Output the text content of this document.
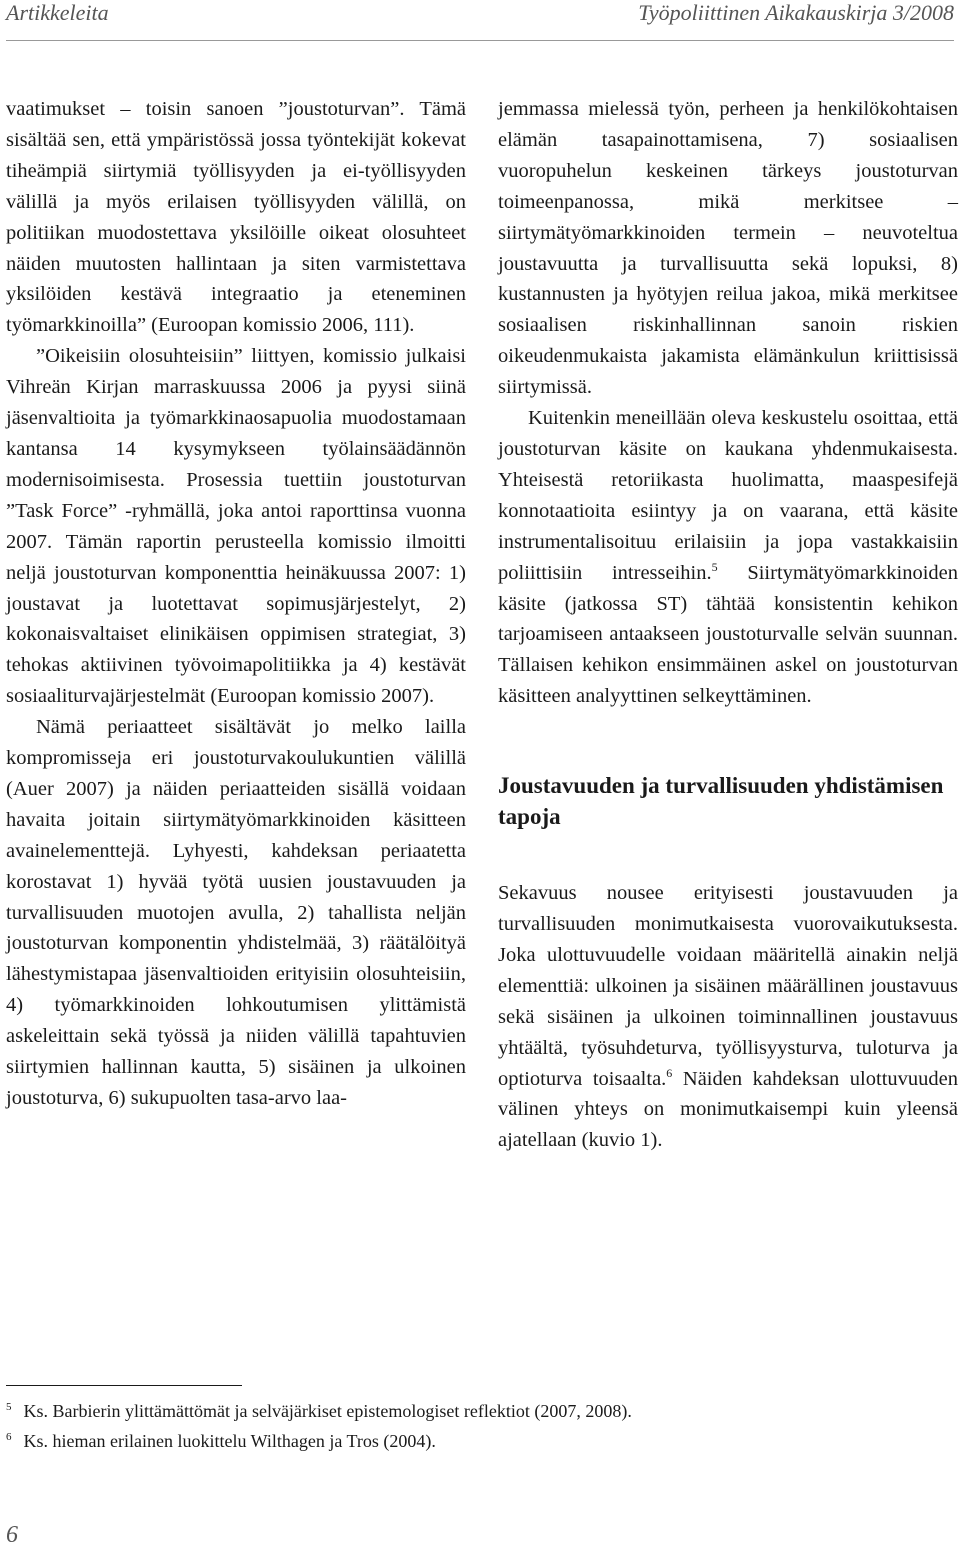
Artikkeleita	Työpoliittinen Aikakauskirja 3/2008

vaatimukset – toisin sanoen ”joustoturvan”. Tämä sisältää sen, että ympäristössä jossa työntekijät kokevat tiheämpiä siirtymiä työllisyyden ja ei-työllisyyden välillä ja myös erilaisen työllisyyden välillä, on politiikan muodostettava yksilöille oikeat olosuhteet näiden muutosten hallintaan ja siten varmistettava yksilöiden kestävä integraatio ja eteneminen työmarkkinoilla” (Euroopan komissio 2006, 111).

”Oikeisiin olosuhteisiin” liittyen, komissio julkaisi Vihreän Kirjan marraskuussa 2006 ja pyysi siinä jäsenvaltioita ja työmarkkinaosapuolia muodostamaan kantansa 14 kysymykseen työlainsäädännön modernisoimisesta. Prosessia tuettiin joustoturvan ”Task Force” -ryhmällä, joka antoi raporttinsa vuonna 2007. Tämän raportin perusteella komissio ilmoitti neljä joustoturvan komponenttia heinäkuussa 2007: 1) joustavat ja luotettavat sopimusjärjestelyt, 2) kokonaisvaltaiset elinikäisen oppimisen strategiat, 3) tehokas aktiivinen työvoimapolitiikka ja 4) kestävät sosiaaliturvajärjestelmät (Euroopan komissio 2007).

Nämä periaatteet sisältävät jo melko lailla kompromisseja eri joustoturvakoulukuntien välillä (Auer 2007) ja näiden periaatteiden sisällä voidaan havaita joitain siirtymätyömarkkinoiden käsitteen avainelementtejä. Lyhyesti, kahdeksan periaatetta korostavat 1) hyvää työtä uusien joustavuuden ja turvallisuuden muotojen avulla, 2) tahallista neljän joustoturvan komponentin yhdistelmää, 3) räätälöityä lähestymistapaa jäsenvaltioiden erityisiin olosuhteisiin, 4) työmarkkinoiden lohkoutumisen ylittämistä askeleittain sekä työssä ja niiden välillä tapahtuvien siirtymien hallinnan kautta, 5) sisäinen ja ulkoinen joustoturva, 6) sukupuolten tasa-arvo laa-

jemmassa mielessä työn, perheen ja henkilökohtaisen elämän tasapainottamisena, 7) sosiaalisen vuoropuhelun keskeinen tärkeys joustoturvan toimeenpanossa, mikä merkitsee – siirtymätyömarkkinoiden termein – neuvoteltua joustavuutta ja turvallisuutta sekä lopuksi, 8) kustannusten ja hyötyjen reilua jakoa, mikä merkitsee sosiaalisen riskinhallinnan sanoin riskien oikeudenmukaista jakamista elämänkulun kriittisissä siirtymissä.

Kuitenkin meneillään oleva keskustelu osoittaa, että joustoturvan käsite on kaukana yhdenmukaisesta. Yhteisestä retoriikasta huolimatta, maaspesifejä konnotaatioita esiintyy ja on vaarana, että käsite instrumentalisoituu erilaisiin ja jopa vastakkaisiin poliittisiin intresseihin.$^5$ Siirtymätyömarkkinoiden käsite (jatkossa ST) tähtää konsistentin kehikon tarjoamiseen antaakseen joustoturvalle selvän suunnan. Tällaisen kehikon ensimmäinen askel on joustoturvan käsitteen analyyttinen selkeyttäminen.

Joustavuuden ja turvallisuuden yhdistämisen tapoja

Sekavuus nousee erityisesti joustavuuden ja turvallisuuden monimutkaisesta vuorovaikutuksesta. Joka ulottuvuudelle voidaan määritellä ainakin neljä elementtiä: ulkoinen ja sisäinen määrällinen joustavuus sekä sisäinen ja ulkoinen toiminnallinen joustavuus yhtäältä, työsuhdeturva, työllisyysturva, tuloturva ja optioturva toisaalta.$^6$ Näiden kahdeksan ulottuvuuden välinen yhteys on monimutkaisempi kuin yleensä ajatellaan (kuvio 1).

$^5$ Ks. Barbierin ylittämättömät ja selväjärkiset epistemologiset reflektiot (2007, 2008).
$^6$ Ks. hieman erilainen luokittelu Wilthagen ja Tros (2004).
6
